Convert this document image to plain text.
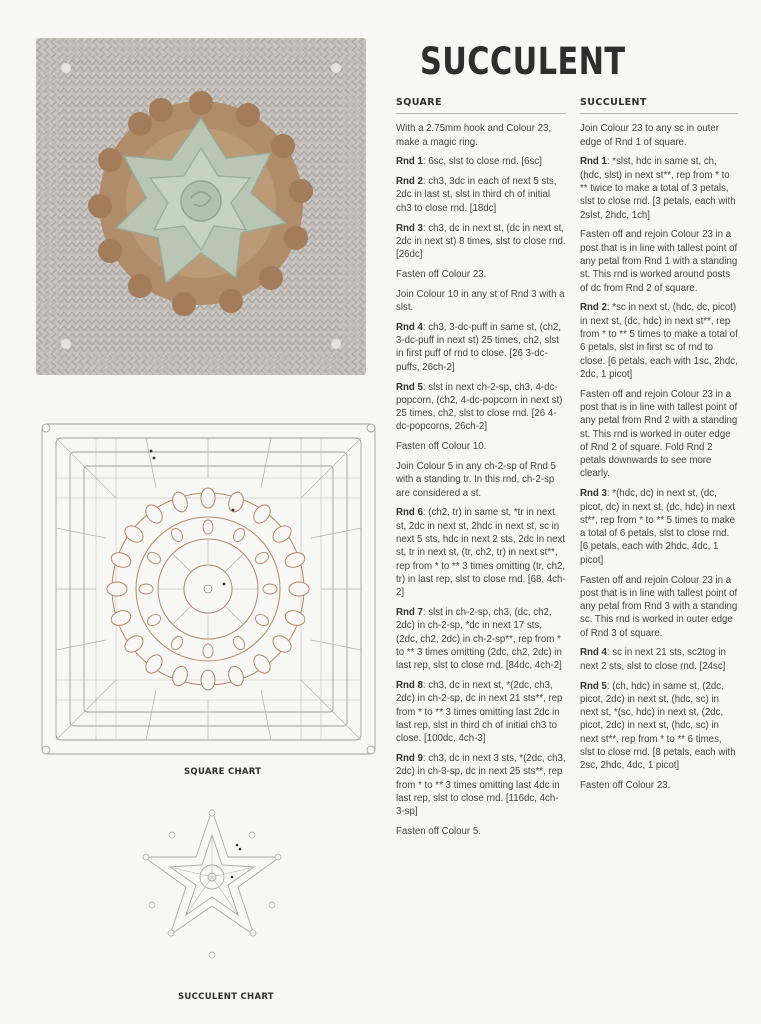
SQUARE CHART
SUCCULENT CHART
SUCCULENT
SQUARE

With a 2.75mm hook and Colour 23, make a magic ring.

Rnd 1: 6sc, slst to close rnd. [6sc]

Rnd 2: ch3, 3dc in each of next 5 sts, 2dc in last st, slst in third ch of initial ch3 to close rnd. [18dc]

Rnd 3: ch3, dc in next st, (dc in next st, 2dc in next st) 8 times, slst to close rnd. [26dc]

Fasten off Colour 23.

Join Colour 10 in any st of Rnd 3 with a slst.

Rnd 4: ch3, 3-dc-puff in same st, (ch2, 3-dc-puff in next st) 25 times, ch2, slst in first puff of rnd to close. [26 3-dc-puffs, 26ch-2]

Rnd 5: slst in next ch-2-sp, ch3, 4-dc-popcorn, (ch2, 4-dc-popcorn in next st) 25 times, ch2, slst to close rnd. [26 4-dc-popcorns, 26ch-2]

Fasten off Colour 10.

Join Colour 5 in any ch-2-sp of Rnd 5 with a standing tr. In this rnd, ch-2-sp are considered a st.

Rnd 6: (ch2, tr) in same st, *tr in next st, 2dc in next st, 2hdc in next st, sc in next 5 sts, hdc in next 2 sts, 2dc in next st, tr in next st, (tr, ch2, tr) in next st**, rep from * to ** 3 times omitting (tr, ch2, tr) in last rep, slst to close rnd. [68, 4ch-2]

Rnd 7: slst in ch-2-sp, ch3, (dc, ch2, 2dc) in ch-2-sp, *dc in next 17 sts, (2dc, ch2, 2dc) in ch-2-sp**, rep from * to ** 3 times omitting (2dc, ch2, 2dc) in last rep, slst to close rnd. [84dc, 4ch-2]

Rnd 8: ch3, dc in next st, *(2dc, ch3, 2dc) in ch-2-sp, dc in next 21 sts**, rep from * to ** 3 times omitting last 2dc in last rep, slst in third ch of initial ch3 to close. [100dc, 4ch-3]

Rnd 9: ch3, dc in next 3 sts, *(2dc, ch3, 2dc) in ch-3-sp, dc in next 25 sts**, rep from * to ** 3 times omitting last 4dc in last rep, slst to close rnd. [116dc, 4ch-3-sp]

Fasten off Colour 5.

SUCCULENT

Join Colour 23 to any sc in outer edge of Rnd 1 of square.

Rnd 1: *slst, hdc in same st, ch, (hdc, slst) in next st**, rep from * to ** twice to make a total of 3 petals, slst to close rnd. [3 petals, each with 2slst, 2hdc, 1ch]

Fasten off and rejoin Colour 23 in a post that is in line with tallest point of any petal from Rnd 1 with a standing st. This rnd is worked around posts of dc from Rnd 2 of square.

Rnd 2: *sc in next st, (hdc, dc, picot) in next st, (dc, hdc) in next st**, rep from * to ** 5 times to make a total of 6 petals, slst in first sc of rnd to close. [6 petals, each with 1sc, 2hdc, 2dc, 1 picot]

Fasten off and rejoin Colour 23 in a post that is in line with tallest point of any petal from Rnd 2 with a standing st. This rnd is worked in outer edge of Rnd 2 of square. Fold Rnd 2 petals downwards to see more clearly.

Rnd 3: *(hdc, dc) in next st, (dc, picot, dc) in next st, (dc, hdc) in next st**, rep from * to ** 5 times to make a total of 6 petals, slst to close rnd. [6 petals, each with 2hdc, 4dc, 1 picot]

Fasten off and rejoin Colour 23 in a post that is in line with tallest point of any petal from Rnd 3 with a standing sc. This rnd is worked in outer edge of Rnd 3 of square.

Rnd 4: sc in next 21 sts, sc2tog in next 2 sts, slst to close rnd. [24sc]

Rnd 5: (ch, hdc) in same st, (2dc, picot, 2dc) in next st, (hdc, sc) in next st, *(sc, hdc) in next st, (2dc, picot, 2dc) in next st, (hdc, sc) in next st**, rep from * to ** 6 times, slst to close rnd. [8 petals, each with 2sc, 2hdc, 4dc, 1 picot]

Fasten off Colour 23.
